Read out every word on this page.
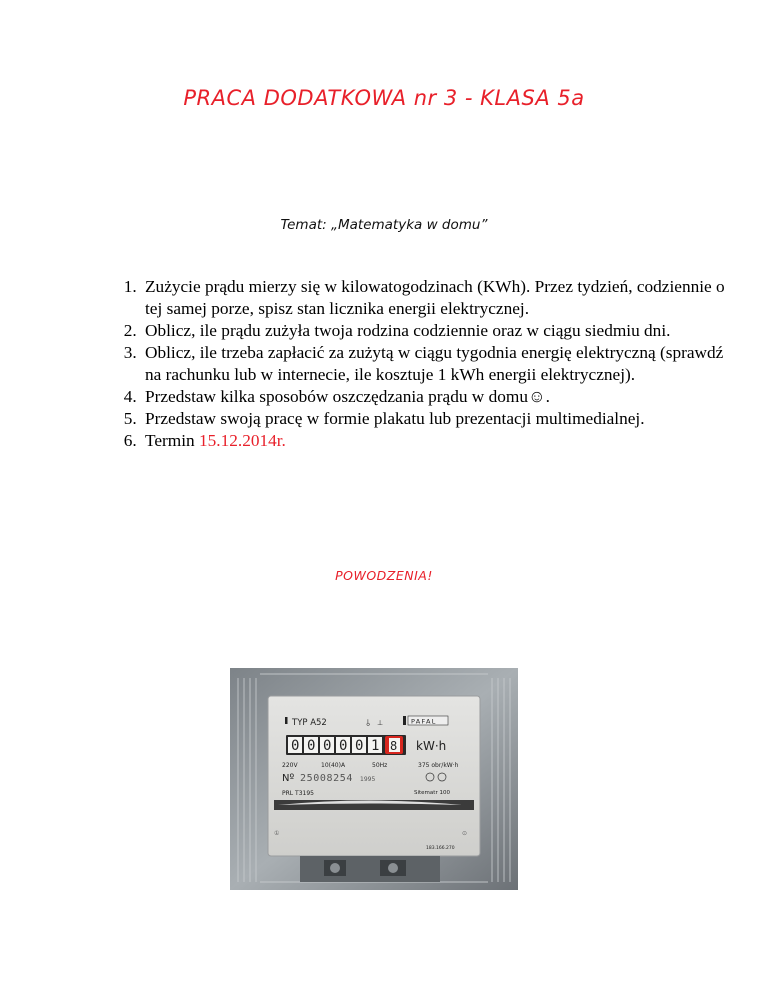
PRACA DODATKOWA nr 3 - KLASA 5a
Temat: „Matematyka w domu”
1. Zużycie prądu mierzy się w kilowatogodzinach (KWh). Przez tydzień, codziennie o tej samej porze, spisz stan licznika energii elektrycznej.
2. Oblicz, ile prądu zużyła twoja rodzina codziennie oraz w ciągu siedmiu dni.
3. Oblicz, ile trzeba zapłacić za zużytą w ciągu tygodnia energię elektryczną (sprawdź na rachunku lub w internecie, ile kosztuje 1 kWh energii elektrycznej).
4. Przedstaw kilka sposobów oszczędzania prądu w domu☺.
5. Przedstaw swoją pracę w formie plakatu lub prezentacji multimedialnej.
6. Termin 15.12.2014r.
POWODZENIA!
TYP A52	⫰ ⊥	PAFAL
0 0 0 0 0 1 8 kW·h
220V	10(40)A	50Hz	375 obr/kW·h
Nº 25008254 1995
PRL T3195	Sitematr 100
①	⊙
183.166.270
